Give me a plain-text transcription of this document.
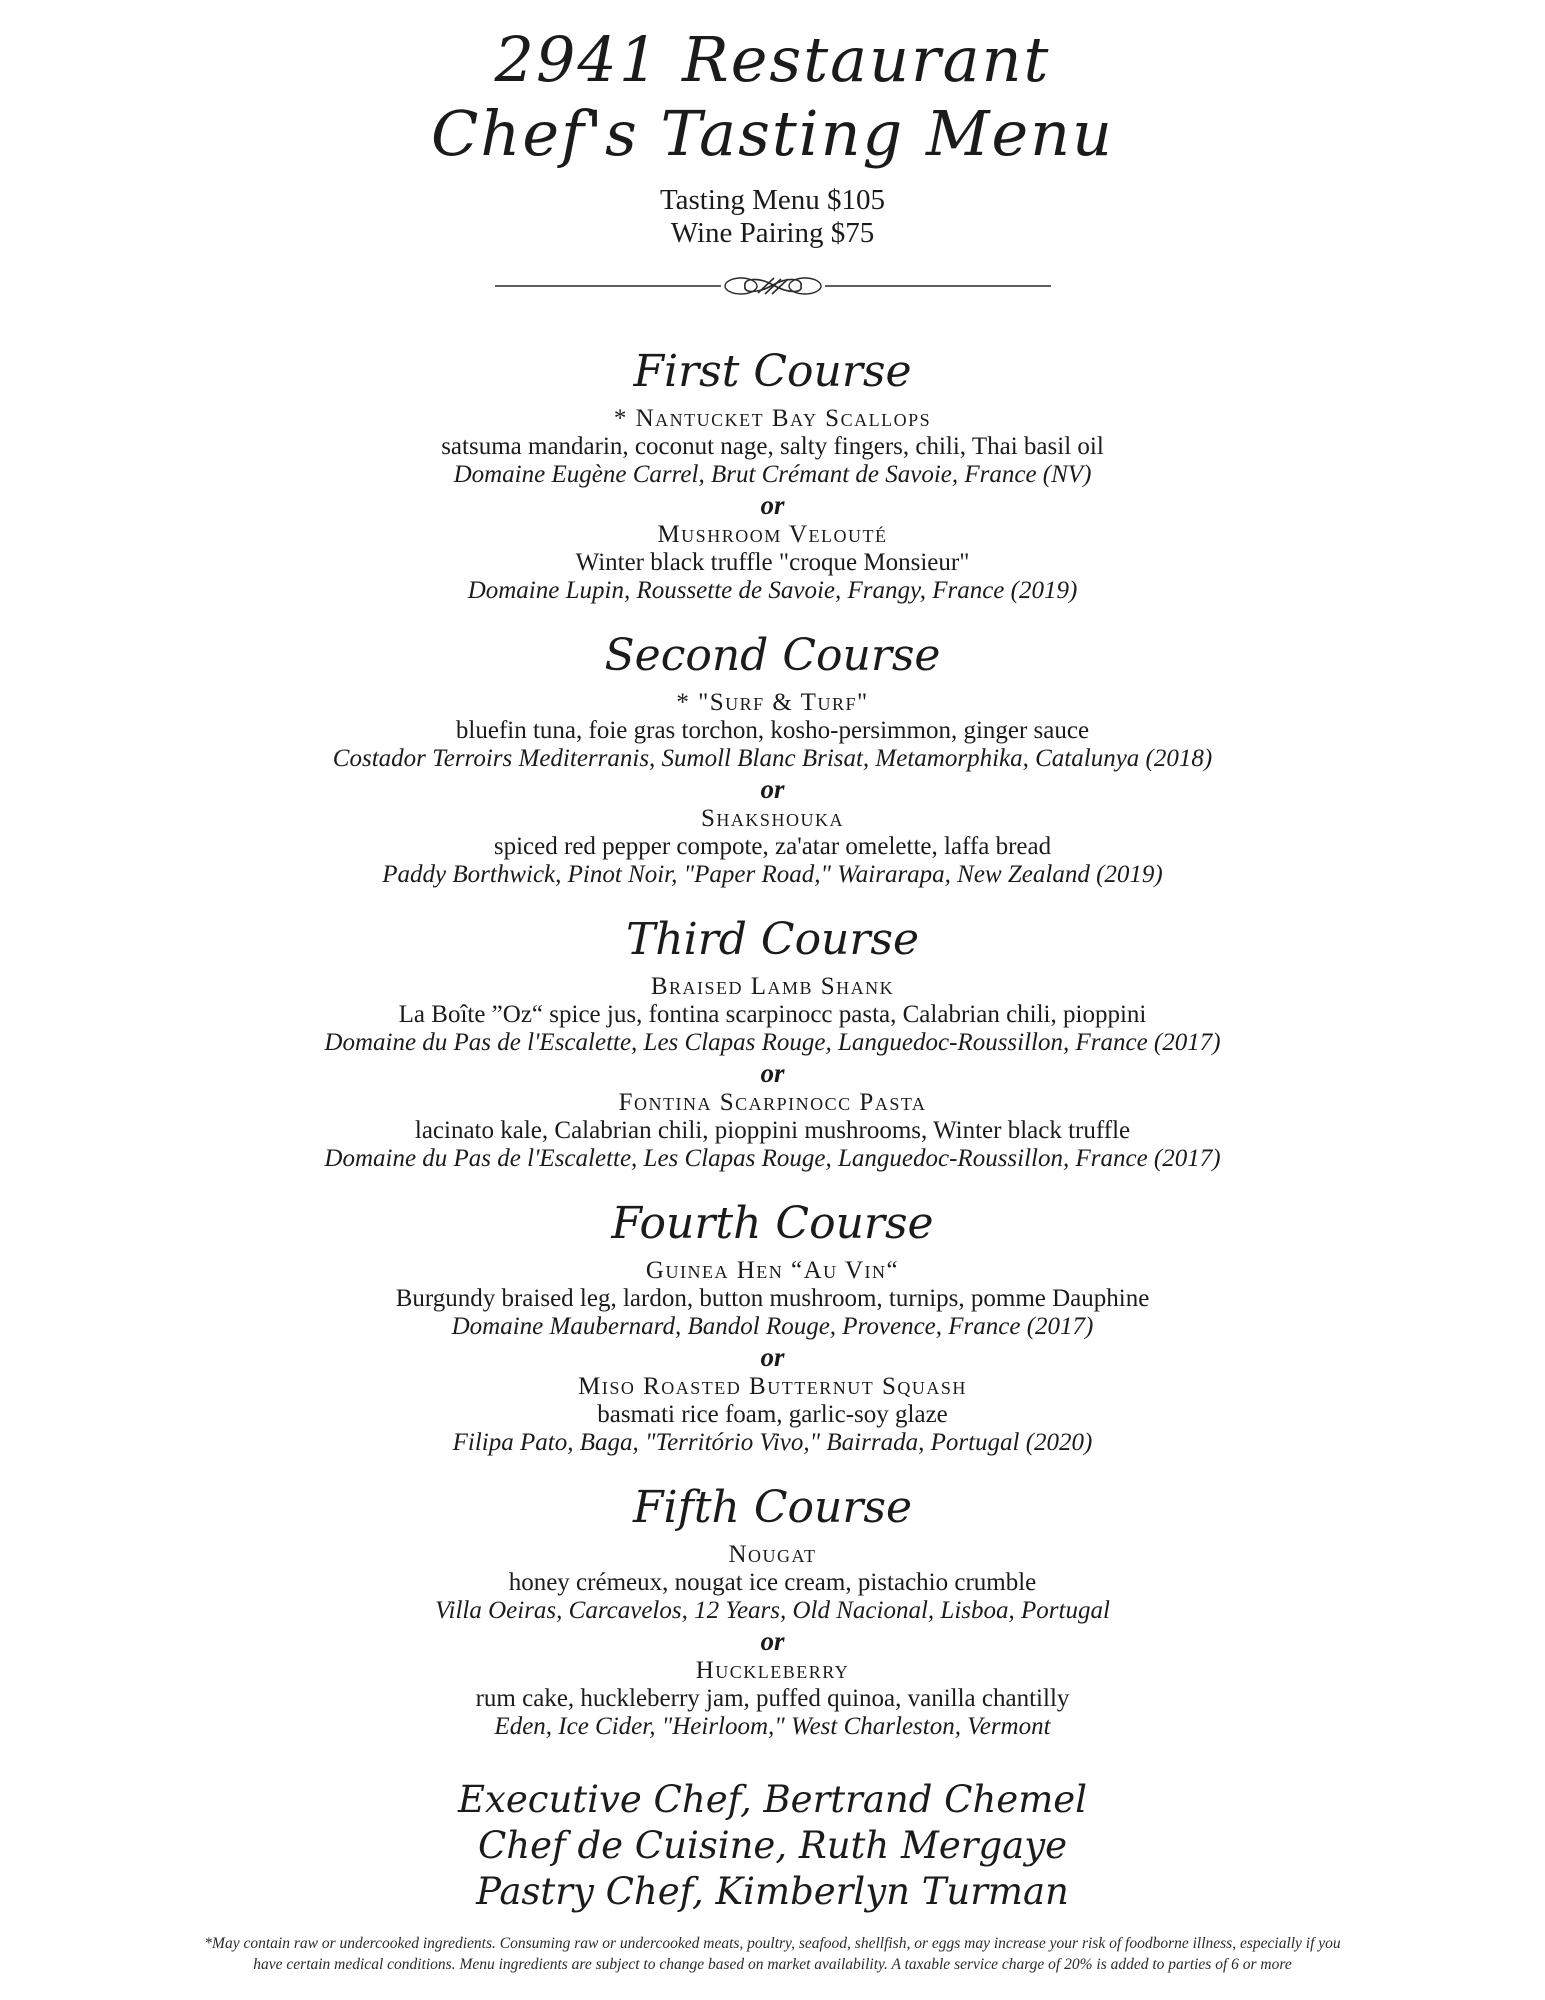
2941 Restaurant
Chef's Tasting Menu
Tasting Menu $105
Wine Pairing $75
First Course
* Nantucket Bay Scallops
satsuma mandarin, coconut nage, salty fingers, chili, Thai basil oil
Domaine Eugène Carrel, Brut Crémant de Savoie, France (NV)
or
Mushroom Velouté
Winter black truffle "croque Monsieur"
Domaine Lupin, Roussette de Savoie, Frangy, France (2019)
Second Course
* "Surf & Turf"
bluefin tuna, foie gras torchon, kosho-persimmon, ginger sauce
Costador Terroirs Mediterranis, Sumoll Blanc Brisat, Metamorphika, Catalunya (2018)
or
Shakshouka
spiced red pepper compote, za'atar omelette, laffa bread
Paddy Borthwick, Pinot Noir, "Paper Road," Wairarapa, New Zealand (2019)
Third Course
Braised Lamb Shank
La Boîte ”Oz“ spice jus, fontina scarpinocc pasta, Calabrian chili, pioppini
Domaine du Pas de l'Escalette, Les Clapas Rouge, Languedoc-Roussillon, France (2017)
or
Fontina Scarpinocc Pasta
lacinato kale, Calabrian chili, pioppini mushrooms, Winter black truffle
Domaine du Pas de l'Escalette, Les Clapas Rouge, Languedoc-Roussillon, France (2017)
Fourth Course
Guinea Hen “Au Vin“
Burgundy braised leg, lardon, button mushroom, turnips, pomme Dauphine
Domaine Maubernard, Bandol Rouge, Provence, France (2017)
or
Miso Roasted Butternut Squash
basmati rice foam, garlic-soy glaze
Filipa Pato, Baga, "Território Vivo," Bairrada, Portugal (2020)
Fifth Course
Nougat
honey crémeux, nougat ice cream, pistachio crumble
Villa Oeiras, Carcavelos, 12 Years, Old Nacional, Lisboa, Portugal
or
Huckleberry
rum cake, huckleberry jam, puffed quinoa, vanilla chantilly
Eden, Ice Cider, "Heirloom," West Charleston, Vermont
Executive Chef, Bertrand Chemel
Chef de Cuisine, Ruth Mergaye
Pastry Chef, Kimberlyn Turman
*May contain raw or undercooked ingredients. Consuming raw or undercooked meats, poultry, seafood, shellfish, or eggs may increase your risk of foodborne illness, especially if you
have certain medical conditions. Menu ingredients are subject to change based on market availability. A taxable service charge of 20% is added to parties of 6 or more
